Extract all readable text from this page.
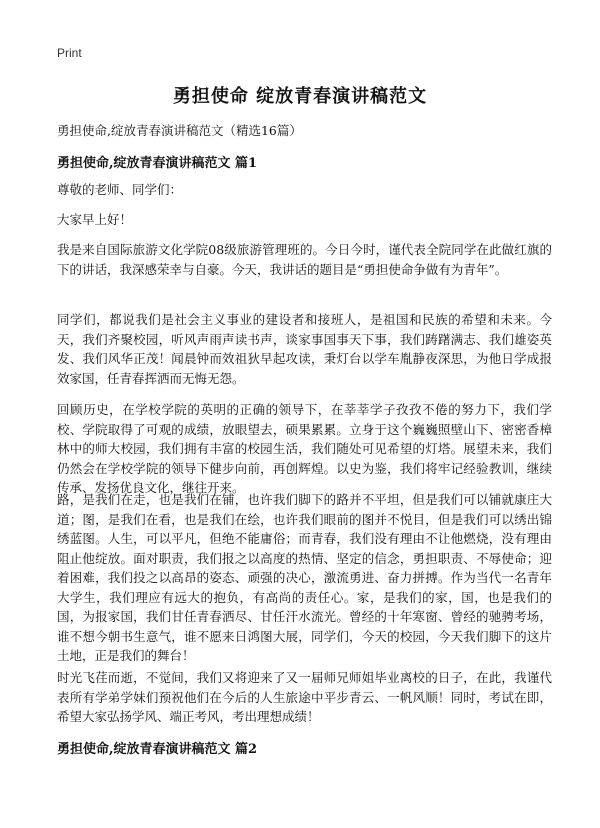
Print
勇担使命 绽放青春演讲稿范文
勇担使命,绽放青春演讲稿范文（精选16篇）
勇担使命,绽放青春演讲稿范文 篇1

尊敬的老师、同学们：

大家早上好！

我是来自国际旅游文化学院08级旅游管理班的。今日今时，谨代表全院同学在此做红旗的下的讲话，我深感荣幸与自豪。今天，我讲话的题目是“勇担使命争做有为青年”。

同学们，都说我们是社会主义事业的建设者和接班人，是祖国和民族的希望和未来。今天，我们齐聚校园，听风声雨声读书声，谈家事国事天下事，我们踌躇满志、我们雄姿英发、我们风华正茂！闻晨钟而效祖狄早起攻读，秉灯台以学车胤静夜深思，为他日学成报效家国，任青春挥洒而无悔无怨。

回顾历史，在学校学院的英明的正确的领导下，在莘莘学子孜孜不倦的努力下，我们学校、学院取得了可观的成绩，放眼望去，硕果累累。立身于这个巍巍照壁山下、密密香樟林中的师大校园，我们拥有丰富的校园生活，我们随处可见希望的灯塔。展望未来，我们仍然会在学校学院的领导下健步向前，再创辉煌。以史为鉴，我们将牢记经验教训，继续传承、发扬优良文化，继往开来。

路，是我们在走，也是我们在铺，也许我们脚下的路并不平坦，但是我们可以铺就康庄大道；图，是我们在看，也是我们在绘，也许我们眼前的图并不悦目，但是我们可以绣出锦绣蓝图。人生，可以平凡，但绝不能庸俗；而青春，我们没有理由不让他燃烧，没有理由阻止他绽放。面对职责，我们报之以高度的热情、坚定的信念，勇担职责、不辱使命；迎着困难，我们投之以高昂的姿态、顽强的决心，激流勇进、奋力拼搏。作为当代一名青年大学生，我们理应有远大的抱负，有高尚的责任心。家，是我们的家，国，也是我们的国，为报家国，我们甘任青春洒尽、甘任汗水流光。曾经的十年寒窗、曾经的驰骋考场，谁不想今朝书生意气，谁不愿来日鸿图大展，同学们，今天的校园，今天我们脚下的这片土地，正是我们的舞台！

时光飞荏而逝，不觉间，我们又将迎来了又一届师兄师姐毕业离校的日子，在此，我谨代表所有学弟学妹们预祝他们在今后的人生旅途中平步青云、一帆风顺！同时，考试在即，希望大家弘扬学风、端正考风，考出理想成绩！

勇担使命,绽放青春演讲稿范文 篇2
